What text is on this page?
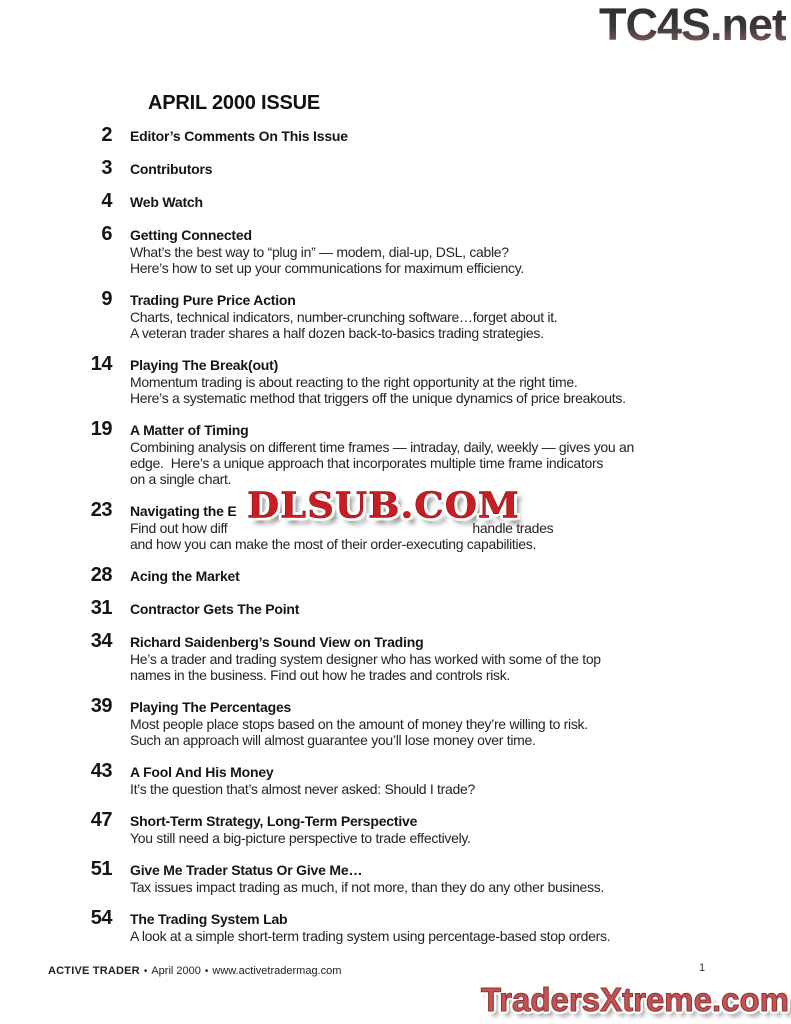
TC4S.net
APRIL 2000 ISSUE
2	Editor’s Comments On This Issue
3	Contributors
4	Web Watch
6	Getting Connected
What’s the best way to “plug in” — modem, dial-up, DSL, cable?
Here’s how to set up your communications for maximum efficiency.
9	Trading Pure Price Action
Charts, technical indicators, number-crunching software…forget about it.
A veteran trader shares a half dozen back-to-basics trading strategies.
14	Playing The Break(out)
Momentum trading is about reacting to the right opportunity at the right time.
Here’s a systematic method that triggers off the unique dynamics of price breakouts.
19	A Matter of Timing
Combining analysis on different time frames — intraday, daily, weekly — gives you an
edge.  Here’s a unique approach that incorporates multiple time frame indicators
on a single chart.
23	Navigating the E
Find out how diff	handle trades
and how you can make the most of their order-executing capabilities.
28	Acing the Market
31	Contractor Gets The Point
34	Richard Saidenberg’s Sound View on Trading
He’s a trader and trading system designer who has worked with some of the top
names in the business. Find out how he trades and controls risk.
39	Playing The Percentages
Most people place stops based on the amount of money they’re willing to risk.
Such an approach will almost guarantee you’ll lose money over time.
43	A Fool And His Money
It’s the question that’s almost never asked: Should I trade?
47	Short-Term Strategy, Long-Term Perspective
You still need a big-picture perspective to trade effectively.
51	Give Me Trader Status Or Give Me…
Tax issues impact trading as much, if not more, than they do any other business.
54	The Trading System Lab
A look at a simple short-term trading system using percentage-based stop orders.
DLSUB.COM
ACTIVE TRADER • April 2000 • www.activetradermag.com	1
TradersXtreme.com
